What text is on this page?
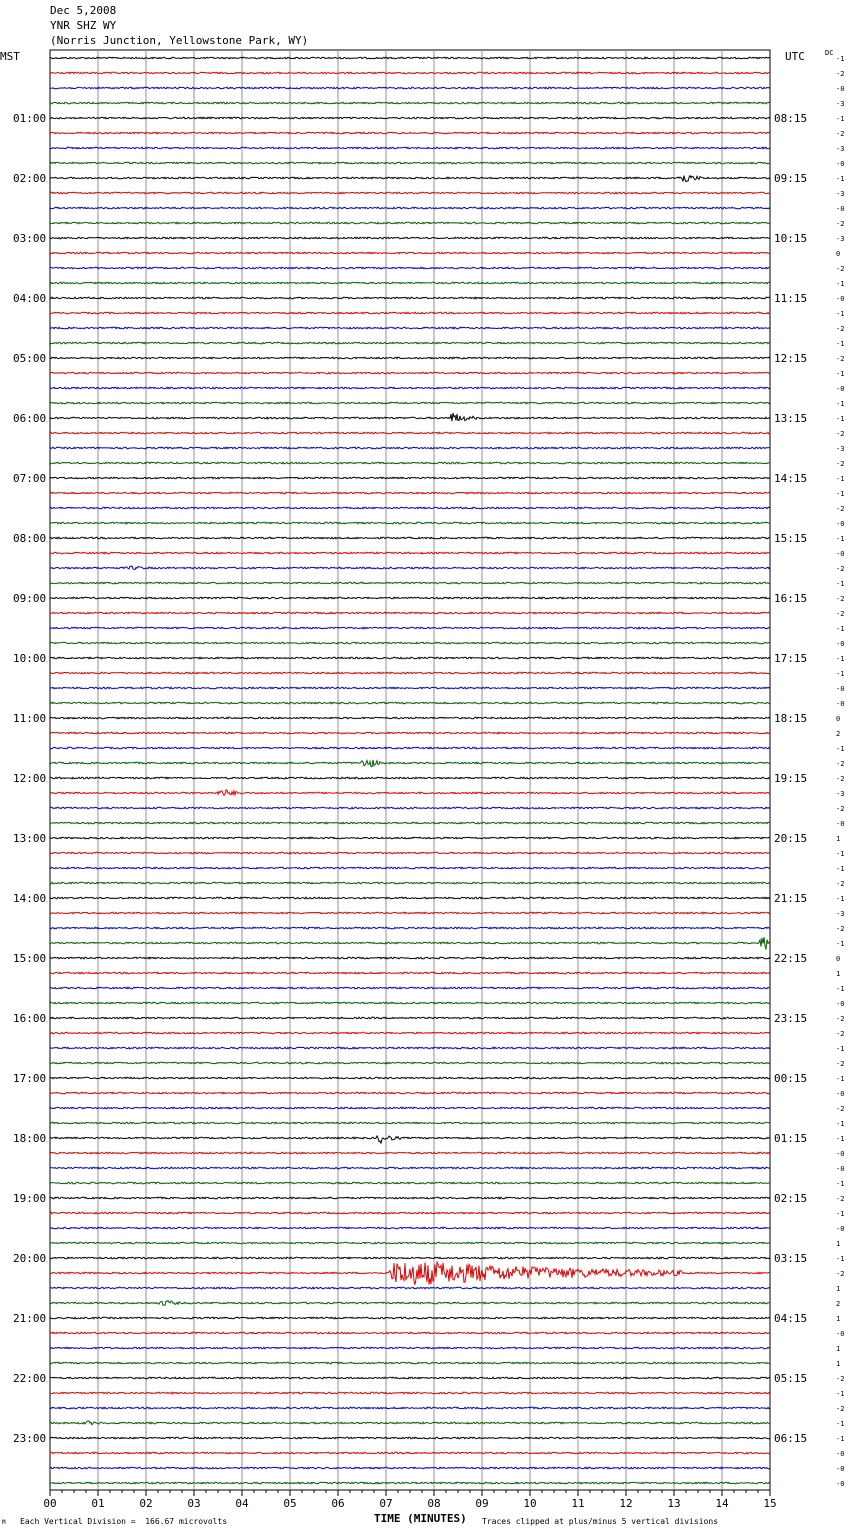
Dec 5,2008
YNR SHZ WY
(Norris Junction, Yellowstone Park, WY)
MST	UTC	DC
01:00
02:00
03:00
04:00
05:00
06:00
07:00
08:00
09:00
10:00
11:00
12:00
13:00
14:00
15:00
16:00
17:00
18:00
19:00
20:00
21:00
22:00
23:00
08:15
09:15
10:15
11:15
12:15
13:15
14:15
15:15
16:15
17:15
18:15
19:15
20:15
21:15
22:15
23:15
00:15
01:15
02:15
03:15
04:15
05:15
06:15
-1
-2
-0
-3
-1
-2
-3
-0
-1
-3
-0
-2
-3
0
-2
-1
-0
-1
-2
-1
-2
-1
-0
-1
-1
-2
-3
-2
-1
-1
-2
-0
-1
-0
-2
-1
-2
-2
-1
-0
-1
-1
-0
-0
0
2
-1
-2
-2
-3
-2
-0
1
-1
-1
-2
-1
-3
-2
-1
0
1
-1
-0
-2
-2
-1
-2
-1
-0
-2
-1
-1
-0
-0
-1
-2
-1
-0
1
-1
-2
1
2
1
-0
1
1
-2
-1
-2
-1
-1
-0
-0
-0
00	01	02	03	04	05	06	07	08	09	10	11	12	13	14	15
TIME (MINUTES)
Each Vertical Division =  166.67 microvolts	Traces clipped at plus/minus 5 vertical divisions
M
